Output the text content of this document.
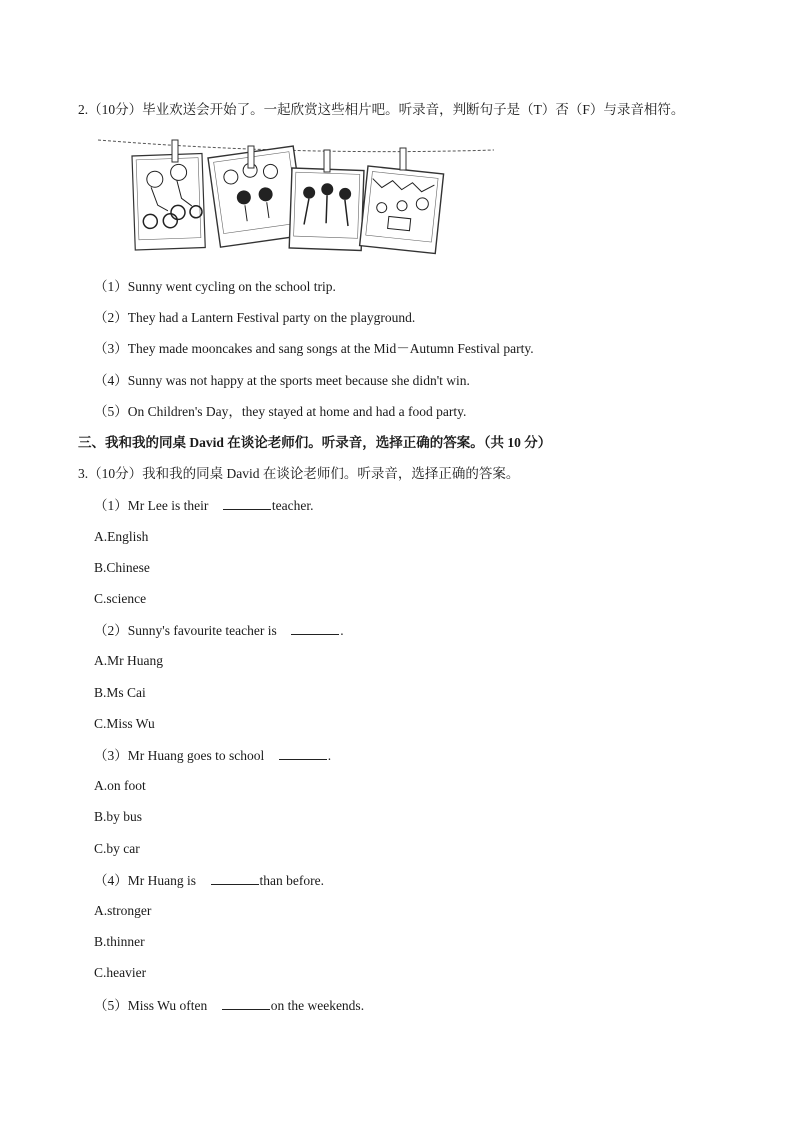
2.（10分）毕业欢送会开始了。一起欣赏这些相片吧。听录音，判断句子是（T）否（F）与录音相符。
（1）Sunny went cycling on the school trip.
（2）They had a Lantern Festival party on the playground.
（3）They made mooncakes and sang songs at the Mid－Autumn Festival party.
（4）Sunny was not happy at the sports meet because she didn't win.
（5）On Children's Day，they stayed at home and had a food party.
三、我和我的同桌 David 在谈论老师们。听录音，选择正确的答案。（共 10 分）
3.（10分）我和我的同桌 David 在谈论老师们。听录音，选择正确的答案。
（1）Mr Lee is their	teacher.
A.English
B.Chinese
C.science
（2）Sunny's favourite teacher is	.
A.Mr Huang
B.Ms Cai
C.Miss Wu
（3）Mr Huang goes to school	.
A.on foot
B.by bus
C.by car
（4）Mr Huang is	than before.
A.stronger
B.thinner
C.heavier
（5）Miss Wu often	on the weekends.
